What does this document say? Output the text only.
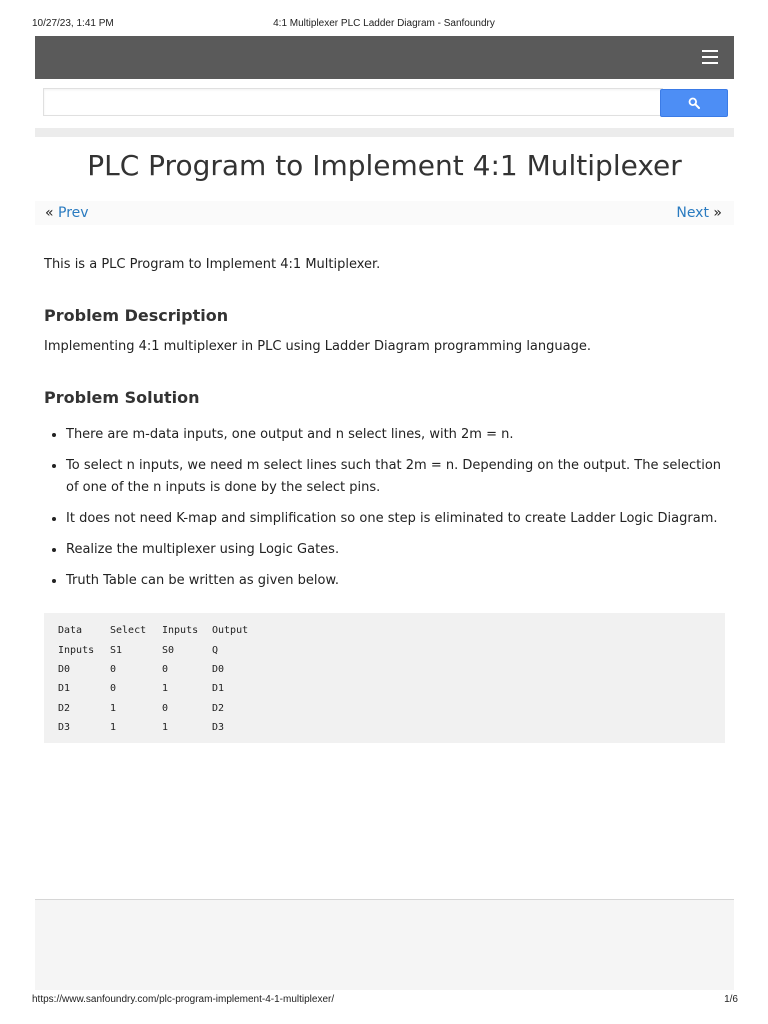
10/27/23, 1:41 PM	4:1 Multiplexer PLC Ladder Diagram - Sanfoundry
PLC Program to Implement 4:1 Multiplexer
« Prev	Next »

This is a PLC Program to Implement 4:1 Multiplexer.

Problem Description

Implementing 4:1 multiplexer in PLC using Ladder Diagram programming language.

Problem Solution
• There are m-data inputs, one output and n select lines, with 2m = n.
• To select n inputs, we need m select lines such that 2m = n. Depending on the output. The selection of one of the n inputs is done by the select pins.
• It does not need K-map and simplification so one step is eliminated to create Ladder Logic Diagram.
• Realize the multiplexer using Logic Gates.
• Truth Table can be written as given below.
Data	Select	Inputs	Output
Inputs	S1	S0	Q
D0	0	0	D0
D1	0	1	D1
D2	1	0	D2
D3	1	1	D3
https://www.sanfoundry.com/plc-program-implement-4-1-multiplexer/	1/6
